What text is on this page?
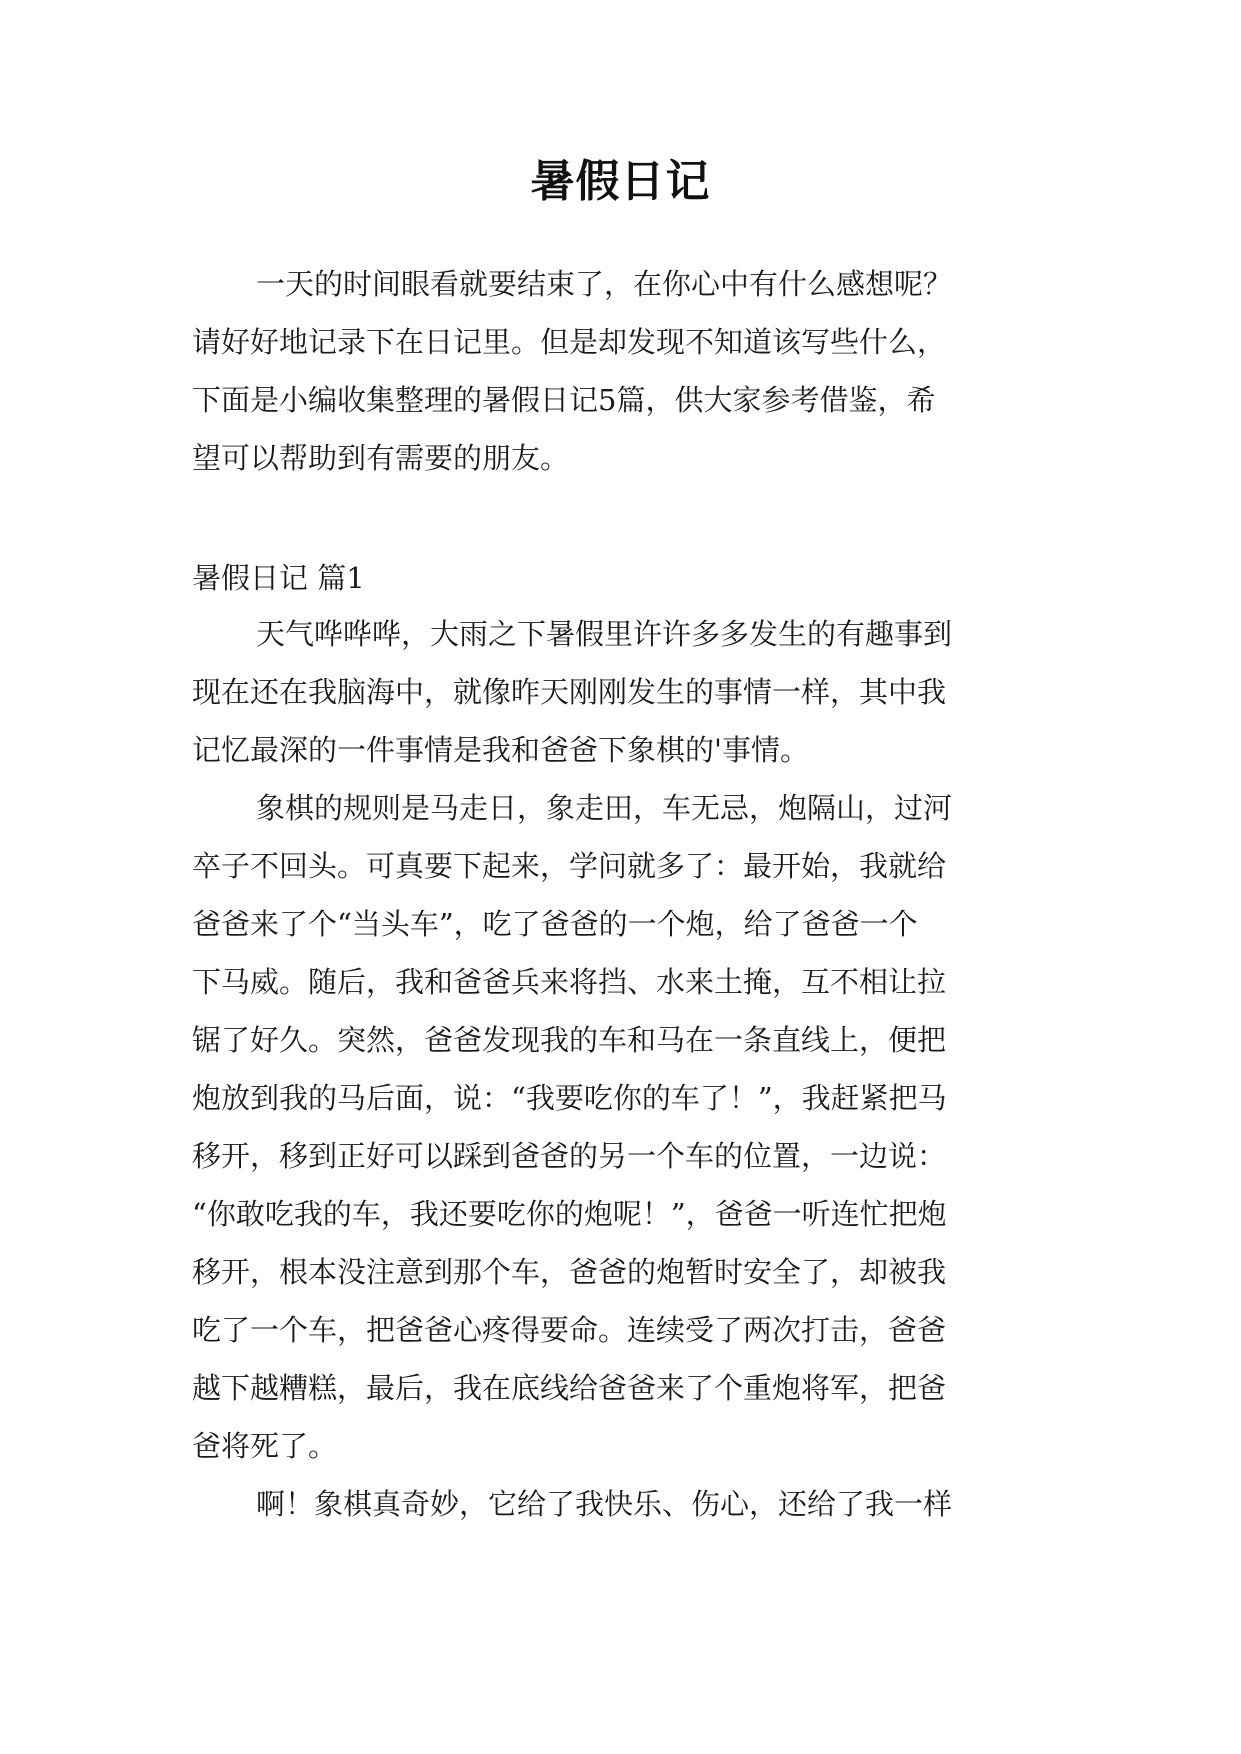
暑假日记
一天的时间眼看就要结束了，在你心中有什么感想呢？
请好好地记录下在日记里。但是却发现不知道该写些什么，
下面是小编收集整理的暑假日记5篇，供大家参考借鉴，希
望可以帮助到有需要的朋友。
暑假日记 篇1
天气哗哗哗，大雨之下暑假里许许多多发生的有趣事到
现在还在我脑海中，就像昨天刚刚发生的事情一样，其中我
记忆最深的一件事情是我和爸爸下象棋的'事情。
象棋的规则是马走日，象走田，车无忌，炮隔山，过河
卒子不回头。可真要下起来，学问就多了：最开始，我就给
爸爸来了个“当头车”，吃了爸爸的一个炮，给了爸爸一个
下马威。随后，我和爸爸兵来将挡、水来土掩，互不相让拉
锯了好久。突然，爸爸发现我的车和马在一条直线上，便把
炮放到我的马后面，说：“我要吃你的车了！”，我赶紧把马
移开，移到正好可以踩到爸爸的另一个车的位置，一边说：
“你敢吃我的车，我还要吃你的炮呢！”，爸爸一听连忙把炮
移开，根本没注意到那个车，爸爸的炮暂时安全了，却被我
吃了一个车，把爸爸心疼得要命。连续受了两次打击，爸爸
越下越糟糕，最后，我在底线给爸爸来了个重炮将军，把爸
爸将死了。
啊！象棋真奇妙，它给了我快乐、伤心，还给了我一样
